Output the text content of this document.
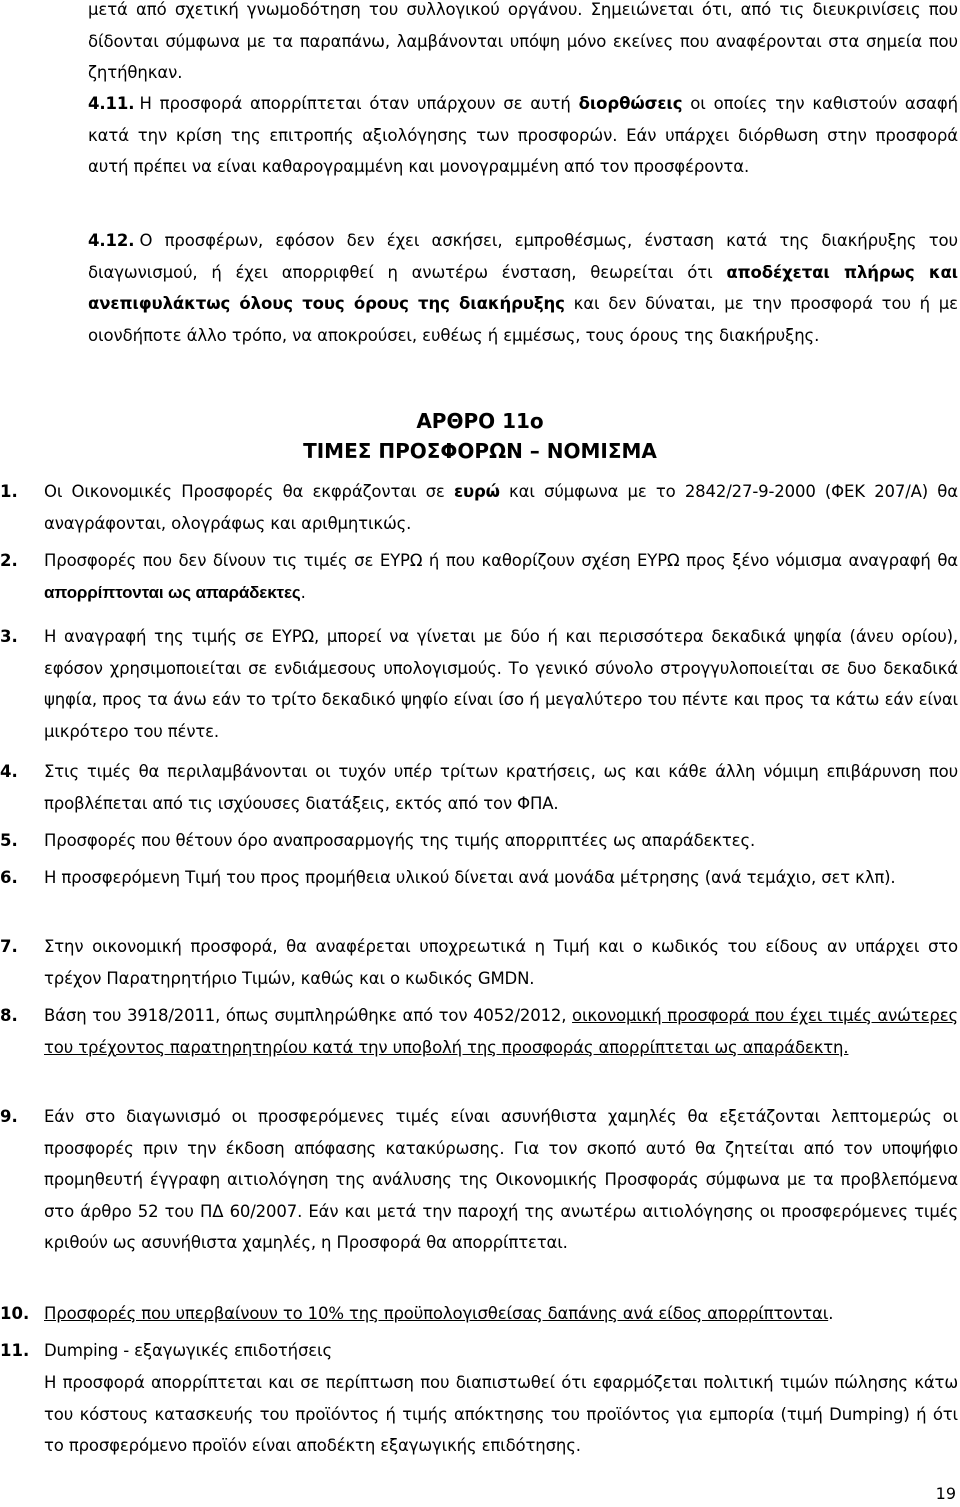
μετά από σχετική γνωμοδότηση του συλλογικού οργάνου. Σημειώνεται ότι, από τις διευκρινίσεις που δίδονται σύμφωνα με τα παραπάνω, λαμβάνονται υπόψη μόνο εκείνες που αναφέρονται στα σημεία που ζητήθηκαν.

4.11. Η προσφορά απορρίπτεται όταν υπάρχουν σε αυτή διορθώσεις οι οποίες την καθιστούν ασαφή κατά την κρίση της επιτροπής αξιολόγησης των προσφορών. Εάν υπάρχει διόρθωση στην προσφορά αυτή πρέπει να είναι καθαρογραμμένη και μονογραμμένη από τον προσφέροντα.

4.12. Ο προσφέρων, εφόσον δεν έχει ασκήσει, εμπροθέσμως, ένσταση κατά της διακήρυξης του διαγωνισμού, ή έχει απορριφθεί η ανωτέρω ένσταση, θεωρείται ότι αποδέχεται πλήρως και ανεπιφυλάκτως όλους τους όρους της διακήρυξης και δεν δύναται, με την προσφορά του ή με οιονδήποτε άλλο τρόπο, να αποκρούσει, ευθέως ή εμμέσως, τους όρους της διακήρυξης.

ΑΡΘΡΟ 11ο
ΤΙΜΕΣ ΠΡΟΣΦΟΡΩΝ – ΝΟΜΙΣΜΑ
1.	Οι Οικονομικές Προσφορές θα εκφράζονται σε ευρώ και σύμφωνα με το 2842/27-9-2000 (ΦΕΚ 207/Α) θα αναγράφονται, ολογράφως και αριθμητικώς.

2.	Προσφορές που δεν δίνουν τις τιμές σε ΕΥΡΩ ή που καθορίζουν σχέση ΕΥΡΩ προς ξένο νόμισμα αναγραφή θα απορρίπτονται ως απαράδεκτες.

3.	Η αναγραφή της τιμής σε ΕΥΡΩ, μπορεί να γίνεται με δύο ή και περισσότερα δεκαδικά ψηφία (άνευ ορίου), εφόσον χρησιμοποιείται σε ενδιάμεσους υπολογισμούς. Το γενικό σύνολο στρογγυλοποιείται σε δυο δεκαδικά ψηφία, προς τα άνω εάν το τρίτο δεκαδικό ψηφίο είναι ίσο ή μεγαλύτερο του πέντε και προς τα κάτω εάν είναι μικρότερο του πέντε.

4.	Στις τιμές θα περιλαμβάνονται οι τυχόν υπέρ τρίτων κρατήσεις, ως και κάθε άλλη νόμιμη επιβάρυνση που προβλέπεται από τις ισχύουσες διατάξεις, εκτός από τον ΦΠΑ.

5.	Προσφορές που θέτουν όρο αναπροσαρμογής της τιμής απορριπτέες ως απαράδεκτες.

6.	Η προσφερόμενη Τιμή του προς προμήθεια υλικού δίνεται ανά μονάδα μέτρησης (ανά τεμάχιο, σετ κλπ).

7.	Στην οικονομική προσφορά, θα αναφέρεται υποχρεωτικά η Τιμή και ο κωδικός του είδους αν υπάρχει στο τρέχον Παρατηρητήριο Τιμών, καθώς και ο κωδικός GMDN.

8.	Βάση του 3918/2011, όπως συμπληρώθηκε από τον 4052/2012, οικονομική προσφορά που έχει τιμές ανώτερες του τρέχοντος παρατηρητηρίου κατά την υποβολή της προσφοράς απορρίπτεται ως απαράδεκτη.

9.	Εάν στο διαγωνισμό οι προσφερόμενες τιμές είναι ασυνήθιστα χαμηλές θα εξετάζονται λεπτομερώς οι προσφορές πριν την έκδοση απόφασης κατακύρωσης. Για τον σκοπό αυτό θα ζητείται από τον υποψήφιο προμηθευτή έγγραφη αιτιολόγηση της ανάλυσης της Οικονομικής Προσφοράς σύμφωνα με τα προβλεπόμενα στο άρθρο 52 του ΠΔ 60/2007. Εάν και μετά την παροχή της ανωτέρω αιτιολόγησης οι προσφερόμενες τιμές κριθούν ως ασυνήθιστα χαμηλές, η Προσφορά θα απορρίπτεται.

10. Προσφορές που υπερβαίνουν το 10% της προϋπολογισθείσας δαπάνης ανά είδος απορρίπτονται.

11. Dumping - εξαγωγικές επιδοτήσεις

Η προσφορά απορρίπτεται και σε περίπτωση που διαπιστωθεί ότι εφαρμόζεται πολιτική τιμών πώλησης κάτω του κόστους κατασκευής του προϊόντος ή τιμής απόκτησης του προϊόντος για εμπορία (τιμή Dumping) ή ότι το προσφερόμενο προϊόν είναι αποδέκτη εξαγωγικής επιδότησης.

19
